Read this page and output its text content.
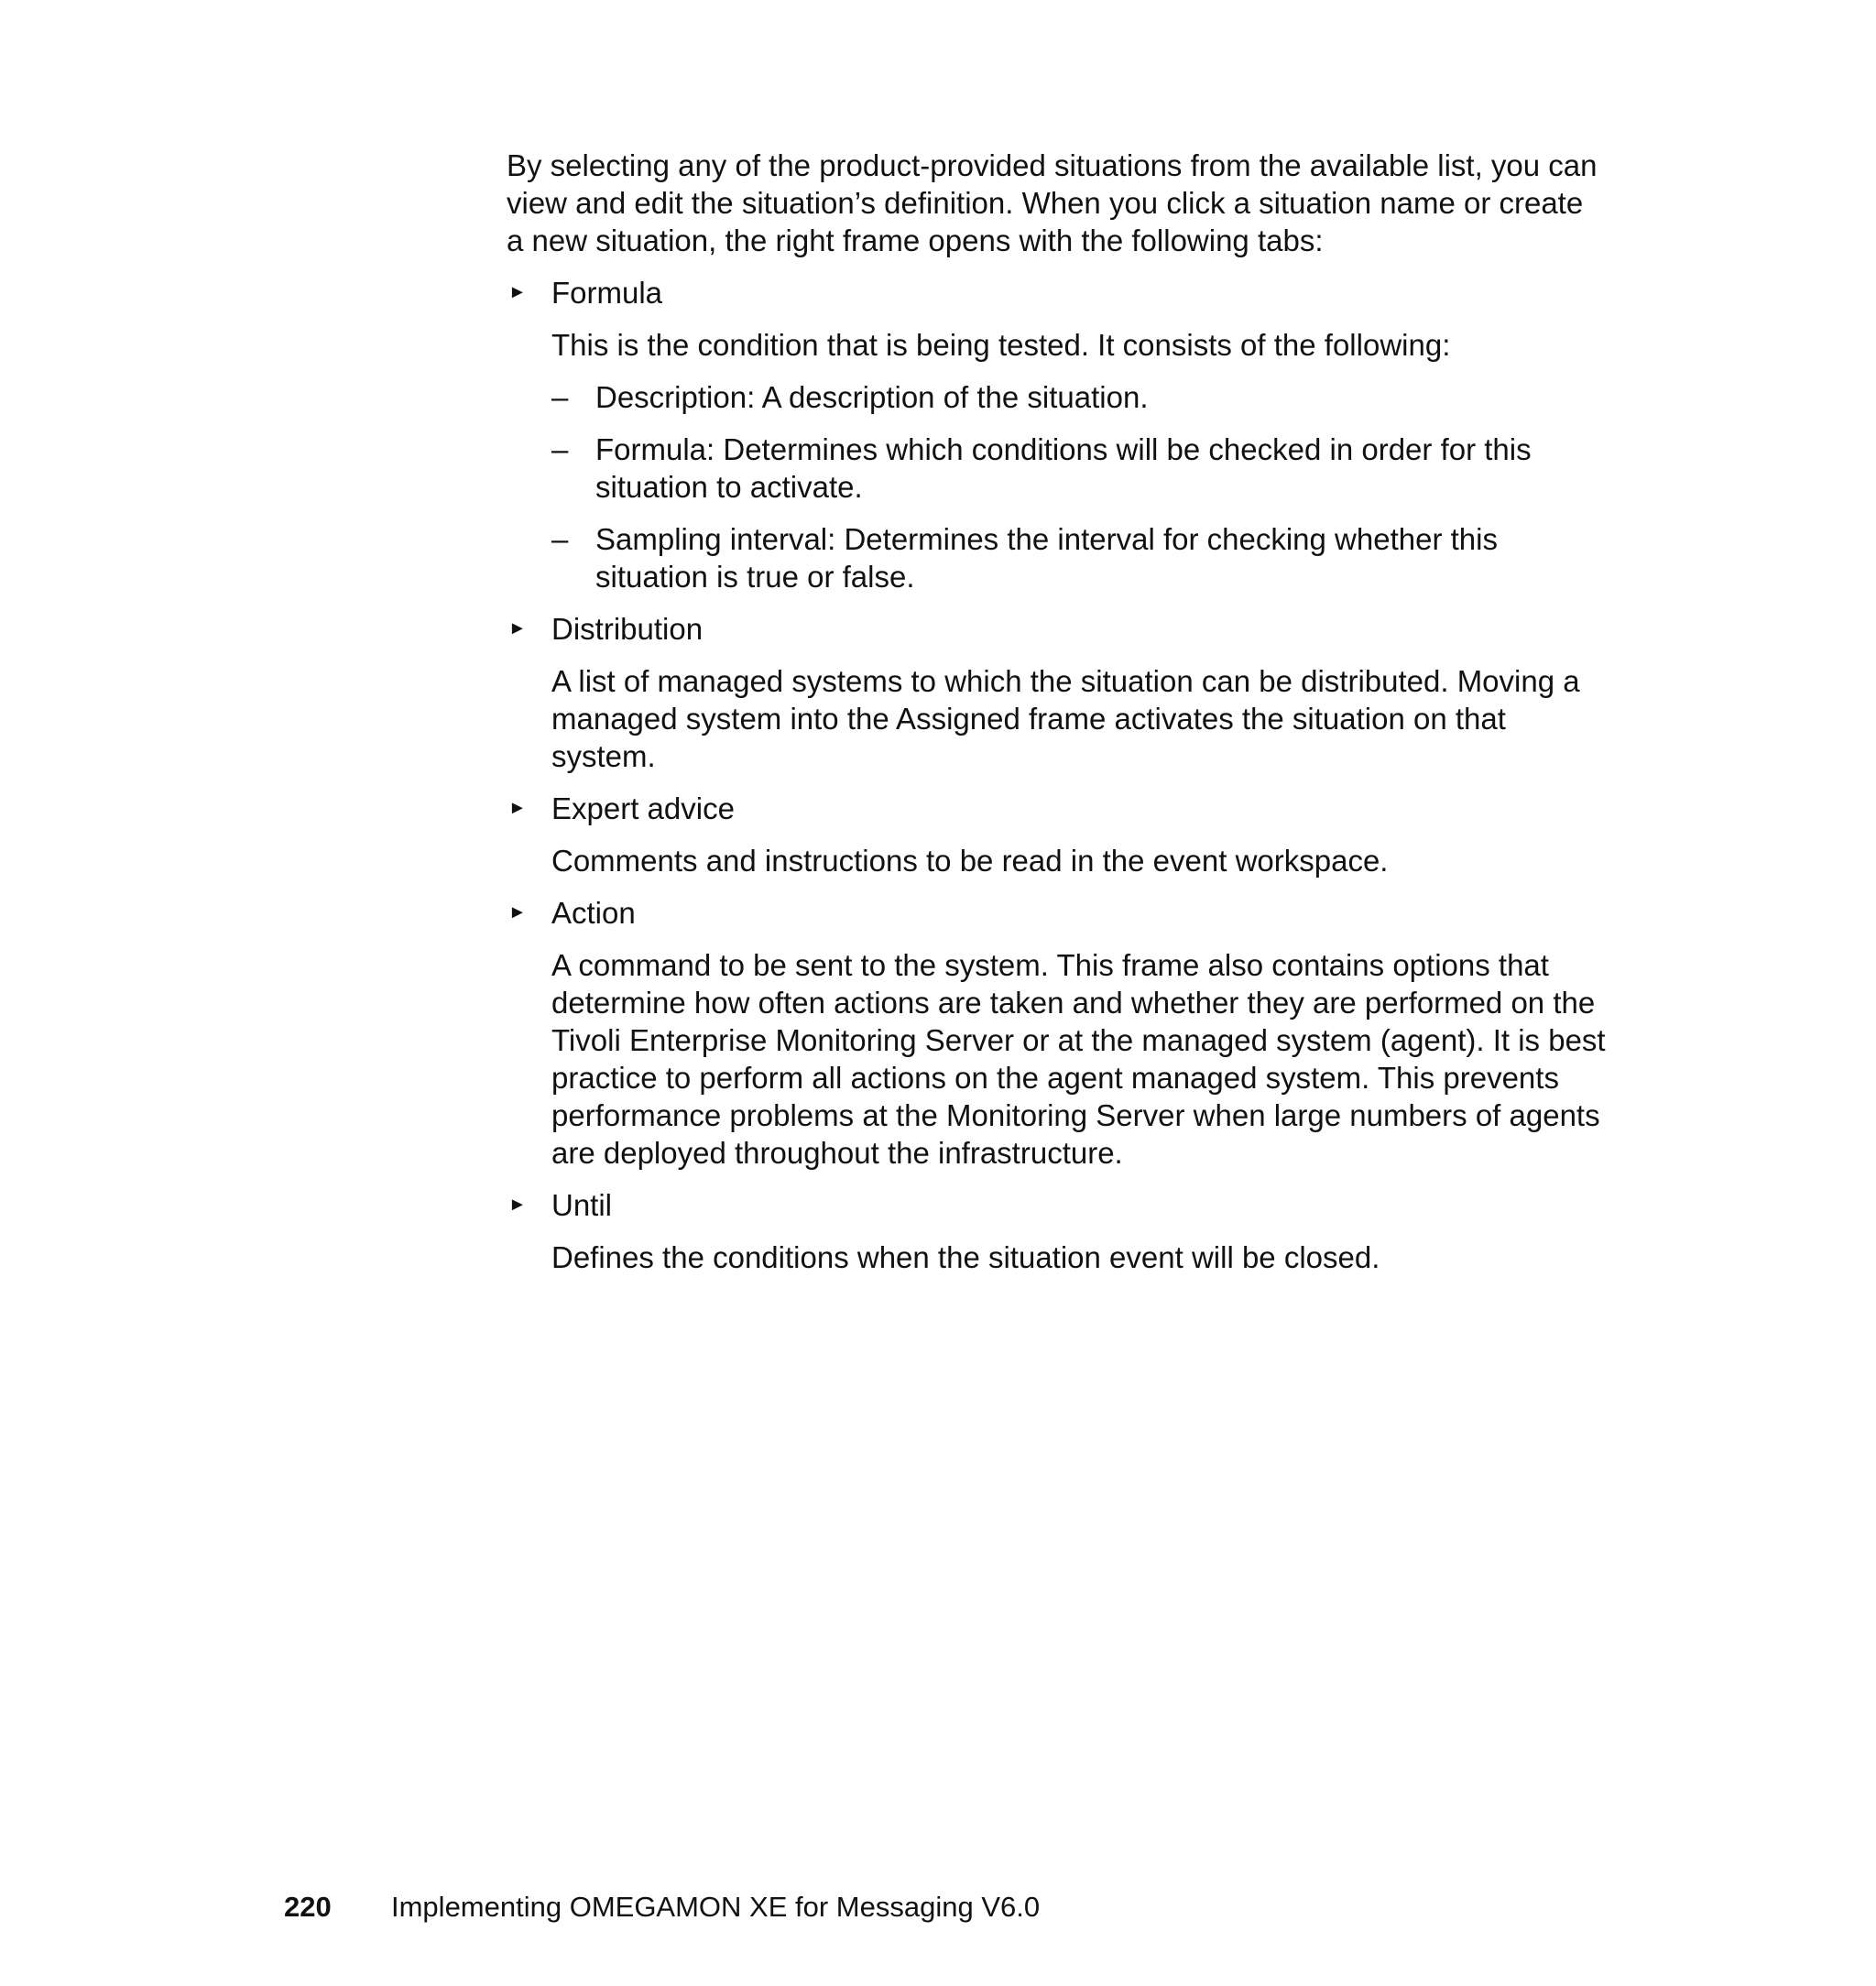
By selecting any of the product-provided situations from the available list, you can view and edit the situation’s definition. When you click a situation name or create a new situation, the right frame opens with the following tabs:

► Formula

This is the condition that is being tested. It consists of the following:

– Description: A description of the situation.
– Formula: Determines which conditions will be checked in order for this situation to activate.
– Sampling interval: Determines the interval for checking whether this situation is true or false.
► Distribution

A list of managed systems to which the situation can be distributed. Moving a managed system into the Assigned frame activates the situation on that system.

► Expert advice

Comments and instructions to be read in the event workspace.

► Action

A command to be sent to the system. This frame also contains options that determine how often actions are taken and whether they are performed on the Tivoli Enterprise Monitoring Server or at the managed system (agent). It is best practice to perform all actions on the agent managed system. This prevents performance problems at the Monitoring Server when large numbers of agents are deployed throughout the infrastructure.

► Until

Defines the conditions when the situation event will be closed.

220 Implementing OMEGAMON XE for Messaging V6.0
